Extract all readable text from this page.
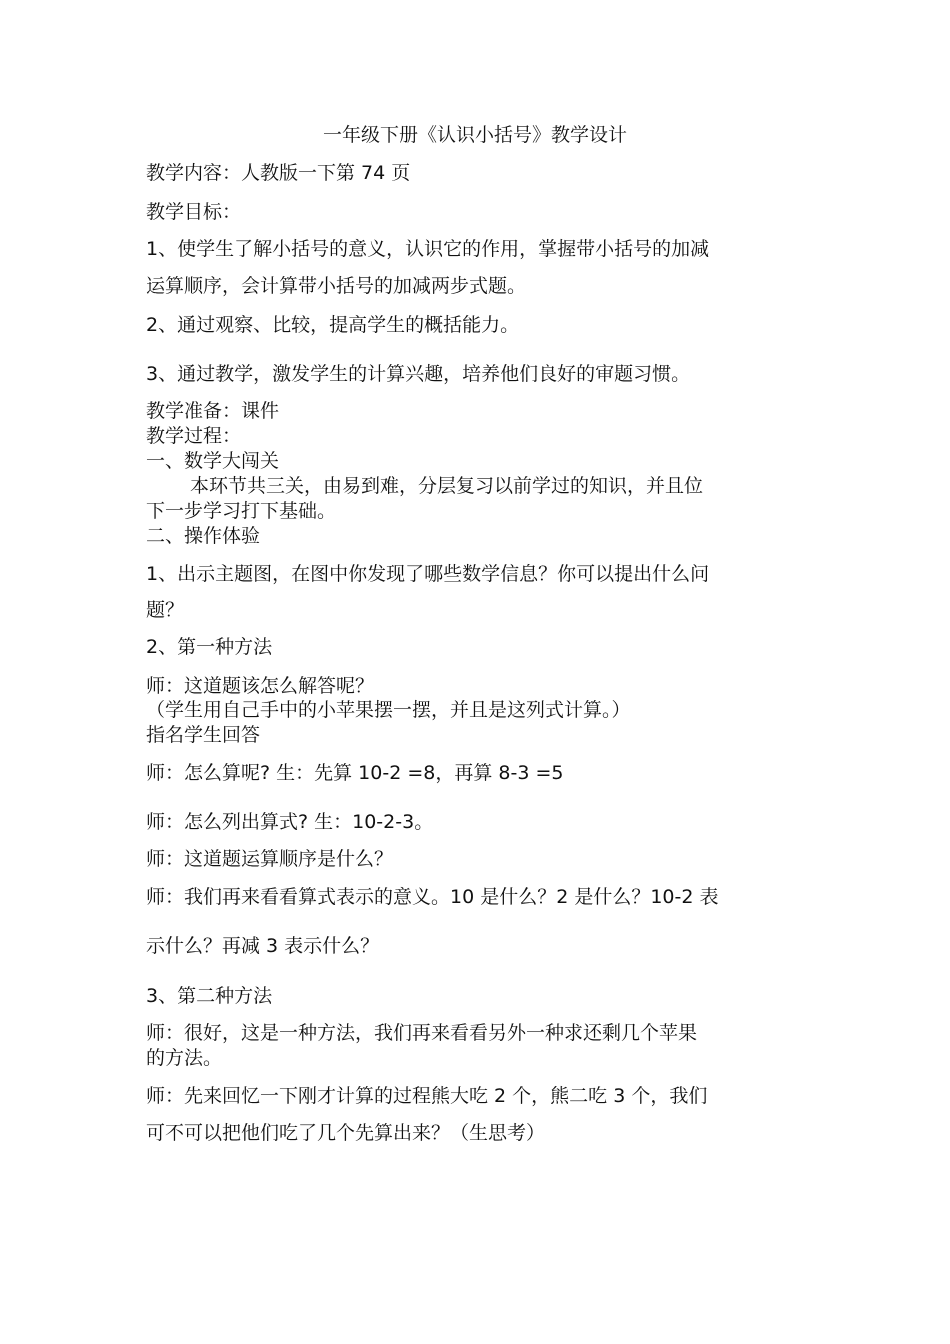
一年级下册《认识小括号》教学设计
教学内容：人教版一下第 74 页
教学目标：
1、使学生了解小括号的意义，认识它的作用，掌握带小括号的加减
运算顺序，会计算带小括号的加减两步式题。
2、通过观察、比较，提高学生的概括能力。
3、通过教学，激发学生的计算兴趣，培养他们良好的审题习惯。
教学准备：课件
教学过程：
一、数学大闯关
本环节共三关，由易到难，分层复习以前学过的知识，并且位
下一步学习打下基础。
二、操作体验
1、出示主题图，在图中你发现了哪些数学信息？你可以提出什么问
题？
2、第一种方法
师：这道题该怎么解答呢？
（学生用自己手中的小苹果摆一摆，并且是这列式计算。）
指名学生回答
师：怎么算呢? 生：先算 10-2 =8，再算 8-3 =5
师：怎么列出算式? 生：10-2-3。
师：这道题运算顺序是什么？
师：我们再来看看算式表示的意义。10 是什么？2 是什么？10-2 表
示什么？再减 3 表示什么？
3、第二种方法
师：很好，这是一种方法，我们再来看看另外一种求还剩几个苹果
的方法。
师：先来回忆一下刚才计算的过程熊大吃 2 个，熊二吃 3 个，我们
可不可以把他们吃了几个先算出来？（生思考）
